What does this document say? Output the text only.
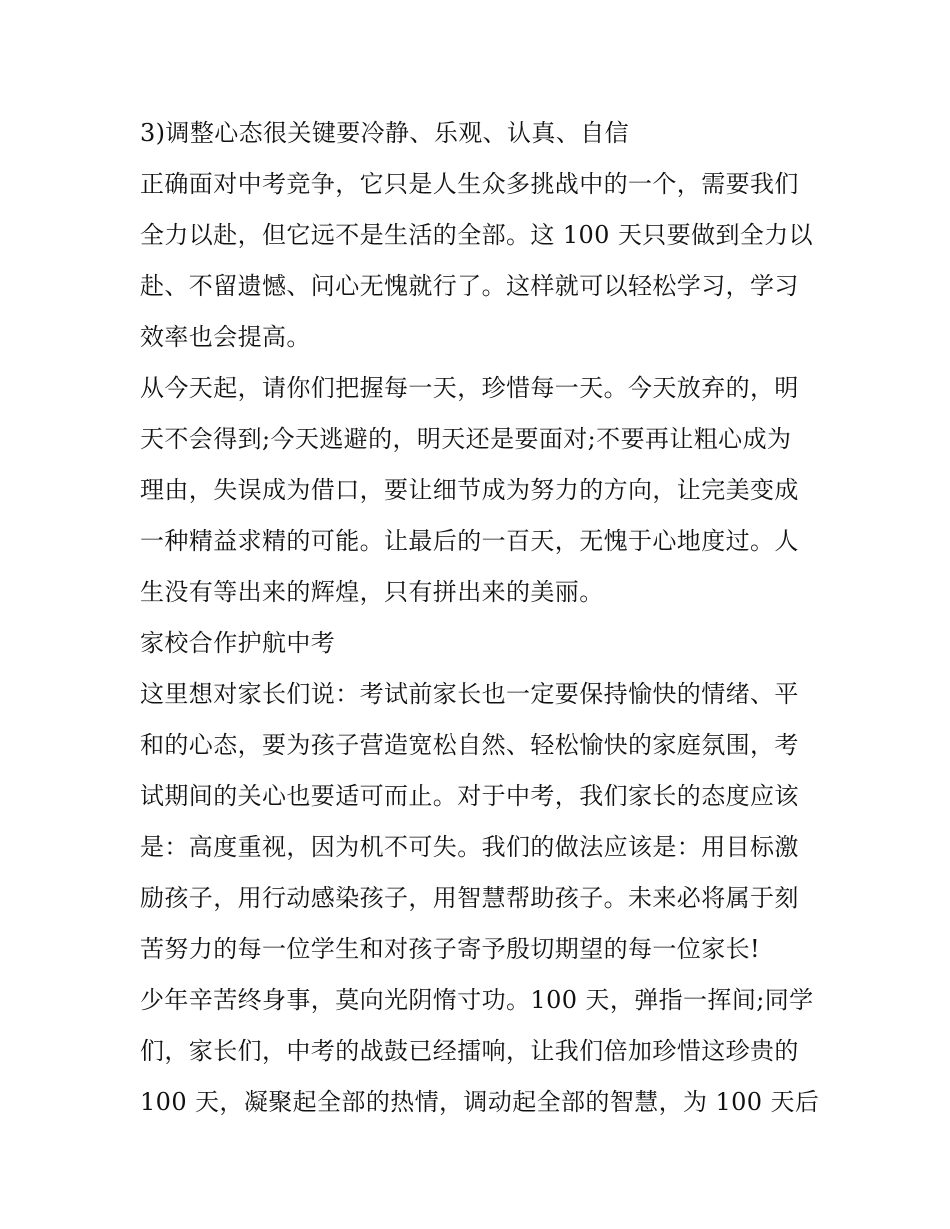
3)调整心态很关键要冷静、乐观、认真、自信
正确面对中考竞争，它只是人生众多挑战中的一个，需要我们
全力以赴，但它远不是生活的全部。这 100 天只要做到全力以
赴、不留遗憾、问心无愧就行了。这样就可以轻松学习，学习
效率也会提高。
从今天起，请你们把握每一天，珍惜每一天。今天放弃的，明
天不会得到;今天逃避的，明天还是要面对;不要再让粗心成为
理由，失误成为借口，要让细节成为努力的方向，让完美变成
一种精益求精的可能。让最后的一百天，无愧于心地度过。人
生没有等出来的辉煌，只有拼出来的美丽。
家校合作护航中考
这里想对家长们说：考试前家长也一定要保持愉快的情绪、平
和的心态，要为孩子营造宽松自然、轻松愉快的家庭氛围，考
试期间的关心也要适可而止。对于中考，我们家长的态度应该
是：高度重视，因为机不可失。我们的做法应该是：用目标激
励孩子，用行动感染孩子，用智慧帮助孩子。未来必将属于刻
苦努力的每一位学生和对孩子寄予殷切期望的每一位家长!
少年辛苦终身事，莫向光阴惰寸功。100 天，弹指一挥间;同学
们，家长们，中考的战鼓已经擂响，让我们倍加珍惜这珍贵的
100 天，凝聚起全部的热情，调动起全部的智慧，为 100 天后
